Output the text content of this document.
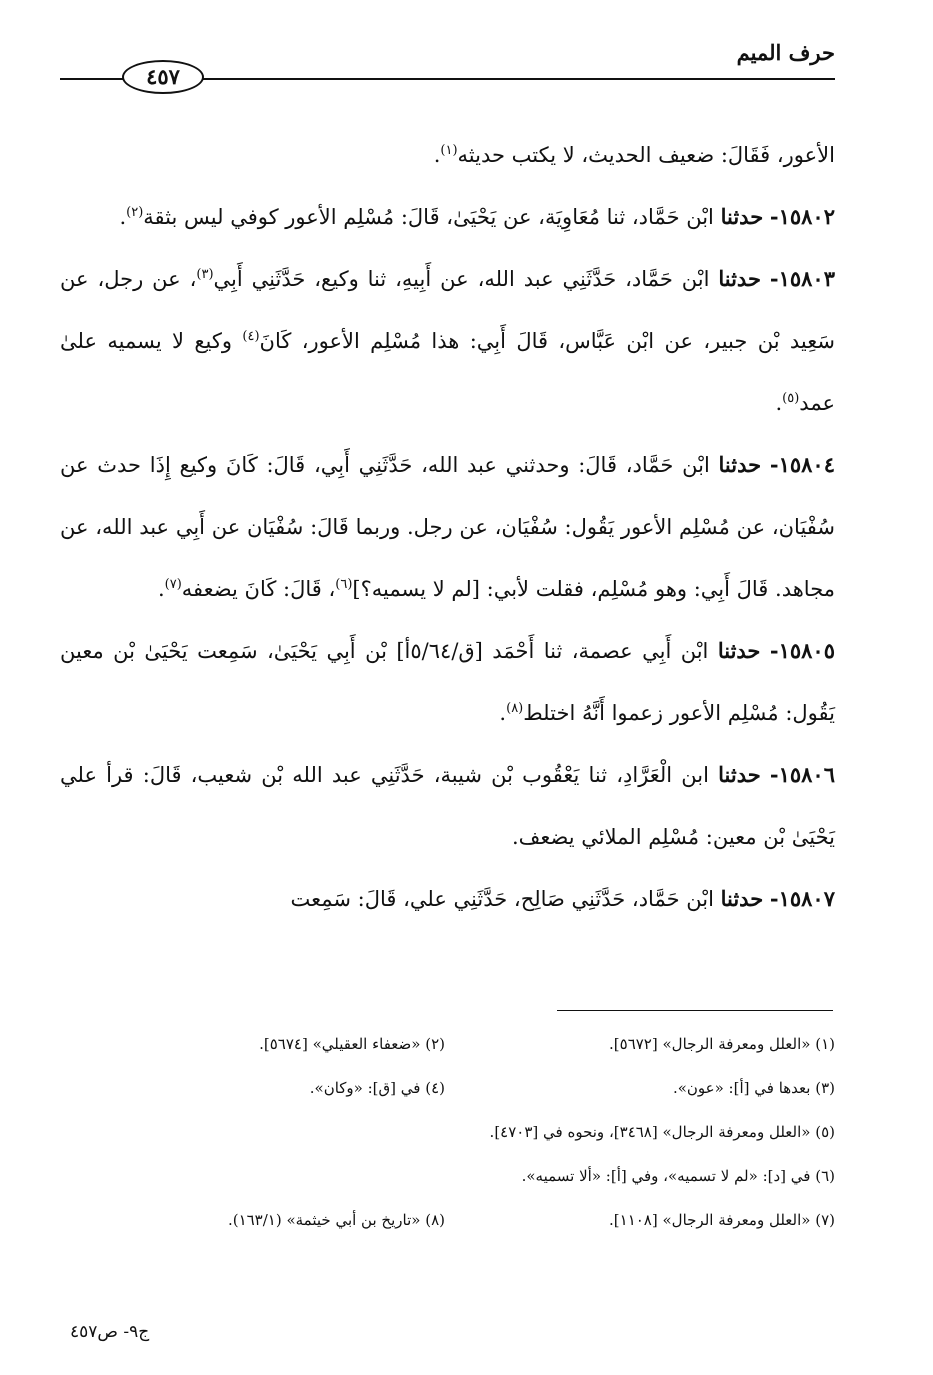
حرف الميم
٤٥٧

الأعور، فَقَالَ: ضعيف الحديث، لا يكتب حديثه$^{(١)}$.

١٥٨٠٢- حدثنا ابْن حَمَّاد، ثنا مُعَاوِيَة، عن يَحْيَىٰ، قَالَ: مُسْلِم الأعور كوفي ليس بثقة$^{(٢)}$.

١٥٨٠٣- حدثنا ابْن حَمَّاد، حَدَّثَنِي عبد الله، عن أَبِيهِ، ثنا وكيع، حَدَّثَنِي أَبِي$^{(٣)}$، عن رجل، عن سَعِيد بْن جبير، عن ابْن عَبَّاس، قَالَ أَبِي: هذا مُسْلِم الأعور، كَانَ$^{(٤)}$ وكيع لا يسميه علىٰ عمد$^{(٥)}$.

١٥٨٠٤- حدثنا ابْن حَمَّاد، قَالَ: وحدثني عبد الله، حَدَّثَنِي أَبِي، قَالَ: كَانَ وكيع إِذَا حدث عن سُفْيَان، عن مُسْلِم الأعور يَقُول: سُفْيَان، عن رجل. وربما قَالَ: سُفْيَان عن أَبِي عبد الله، عن مجاهد. قَالَ أَبِي: وهو مُسْلِم، فقلت لأبي: [لم لا يسميه؟]$^{(٦)}$، قَالَ: كَانَ يضعفه$^{(٧)}$.

١٥٨٠٥- حدثنا ابْن أَبِي عصمة، ثنا أَحْمَد [ق/٥/٦٤أ] بْن أَبِي يَحْيَىٰ، سَمِعت يَحْيَىٰ بْن معين يَقُول: مُسْلِم الأعور زعموا أَنَّهُ اختلط$^{(٨)}$.

١٥٨٠٦- حدثنا ابن الْعَرَّادِ، ثنا يَعْقُوب بْن شيبة، حَدَّثَنِي عبد الله بْن شعيب، قَالَ: قرأ علي يَحْيَىٰ بْن معين: مُسْلِم الملائي يضعف.

١٥٨٠٧- حدثنا ابْن حَمَّاد، حَدَّثَنِي صَالِح، حَدَّثَنِي علي، قَالَ: سَمِعت

(١) «العلل ومعرفة الرجال» [٥٦٧٢].
(٢) «ضعفاء العقيلي» [٥٦٧٤].
(٣) بعدها في [أ]: «عون».
(٤) في [ق]: «وكان».
(٥) «العلل ومعرفة الرجال» [٣٤٦٨]، ونحوه في [٤٧٠٣].
(٦) في [د]: «لم لا تسميه»، وفي [أ]: «ألا تسميه».
(٧) «العلل ومعرفة الرجال» [١١٠٨].
(٨) «تاريخ بن أبي خيثمة» (١٦٣/١).
ج٩- ص٤٥٧
